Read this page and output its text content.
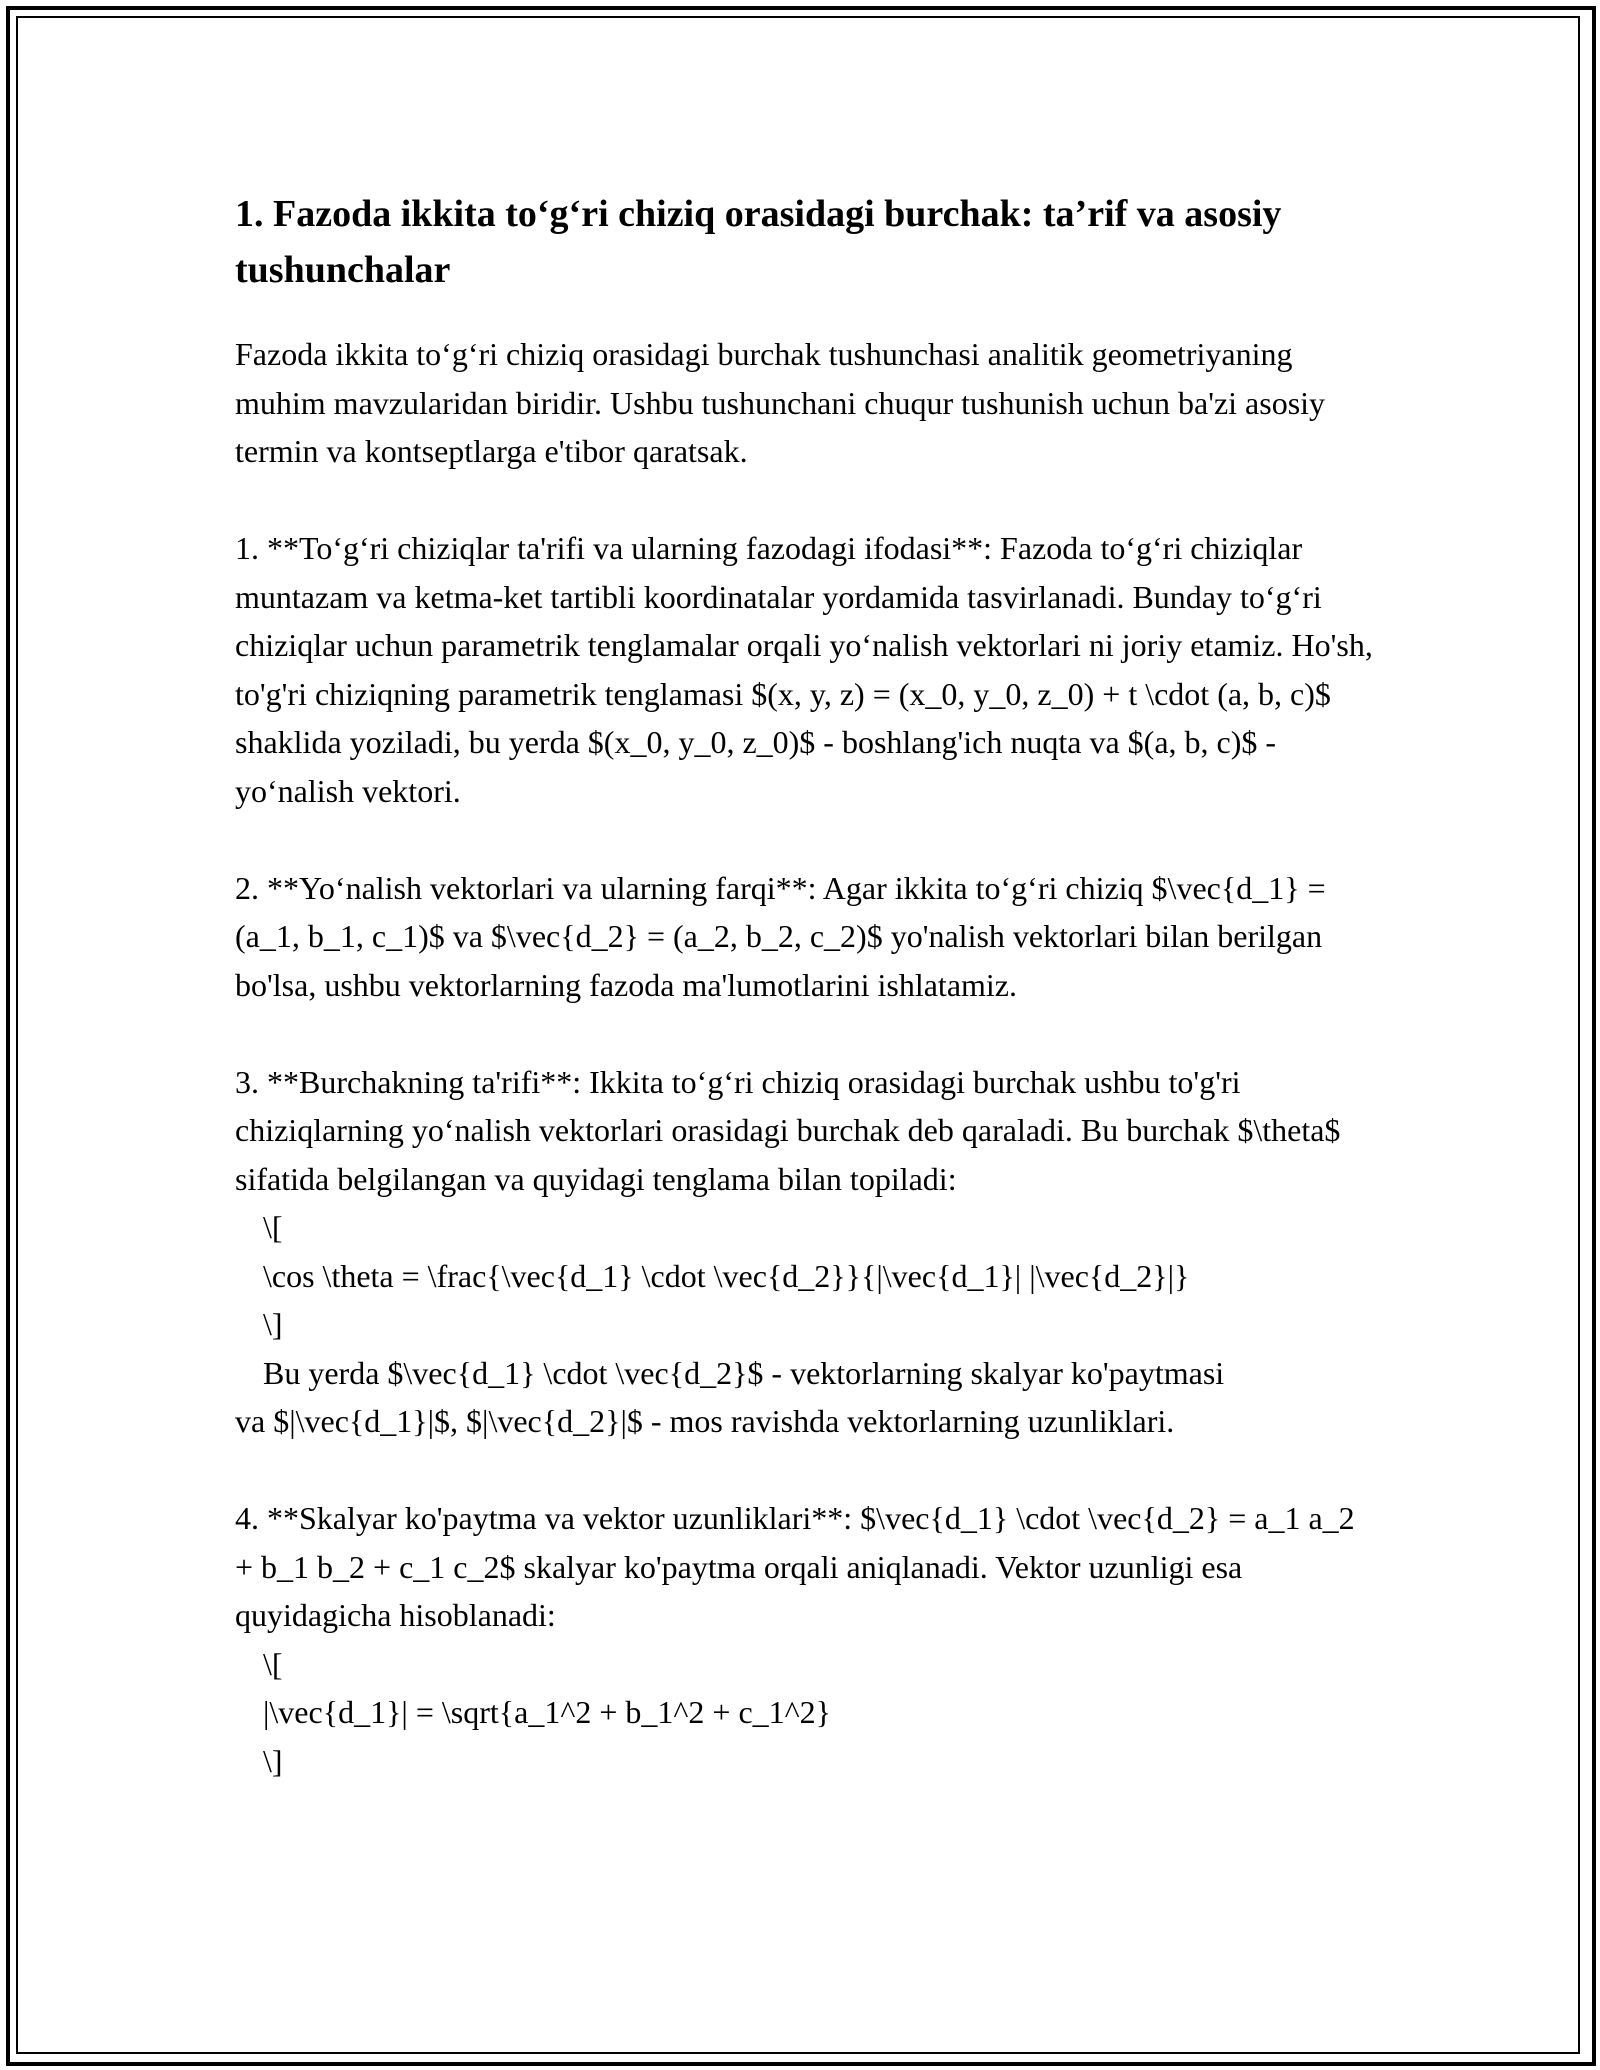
1. Fazoda ikkita to‘g‘ri chiziq orasidagi burchak: ta’rif va asosiy tushunchalar

Fazoda ikkita to‘g‘ri chiziq orasidagi burchak tushunchasi analitik geometriyaning muhim mavzularidan biridir. Ushbu tushunchani chuqur tushunish uchun ba'zi asosiy termin va kontseptlarga e'tibor qaratsak.

1. **To‘g‘ri chiziqlar ta'rifi va ularning fazodagi ifodasi**: Fazoda to‘g‘ri chiziqlar muntazam va ketma-ket tartibli koordinatalar yordamida tasvirlanadi. Bunday to‘g‘ri chiziqlar uchun parametrik tenglamalar orqali yo‘nalish vektorlari ni joriy etamiz. Ho'sh, to'g'ri chiziqning parametrik tenglamasi $(x, y, z) = (x_0, y_0, z_0) + t \cdot (a, b, c)$ shaklida yoziladi, bu yerda $(x_0, y_0, z_0)$ - boshlang'ich nuqta va $(a, b, c)$ - yo‘nalish vektori.

2. **Yo‘nalish vektorlari va ularning farqi**: Agar ikkita to‘g‘ri chiziq $\vec{d_1} = (a_1, b_1, c_1)$ va $\vec{d_2} = (a_2, b_2, c_2)$ yo'nalish vektorlari bilan berilgan bo'lsa, ushbu vektorlarning fazoda ma'lumotlarini ishlatamiz.

3. **Burchakning ta'rifi**: Ikkita to‘g‘ri chiziq orasidagi burchak ushbu to'g'ri chiziqlarning yo‘nalish vektorlari orasidagi burchak deb qaraladi. Bu burchak $\theta$ sifatida belgilangan va quyidagi tenglama bilan topiladi:

\[

\cos \theta = \frac{\vec{d_1} \cdot \vec{d_2}}{|\vec{d_1}| |\vec{d_2}|}

\]

Bu yerda $\vec{d_1} \cdot \vec{d_2}$ - vektorlarning skalyar ko'paytmasi

va $|\vec{d_1}|$, $|\vec{d_2}|$ - mos ravishda vektorlarning uzunliklari.

4. **Skalyar ko'paytma va vektor uzunliklari**: $\vec{d_1} \cdot \vec{d_2} = a_1 a_2 + b_1 b_2 + c_1 c_2$ skalyar ko'paytma orqali aniqlanadi. Vektor uzunligi esa quyidagicha hisoblanadi:

\[

|\vec{d_1}| = \sqrt{a_1^2 + b_1^2 + c_1^2}

\]
